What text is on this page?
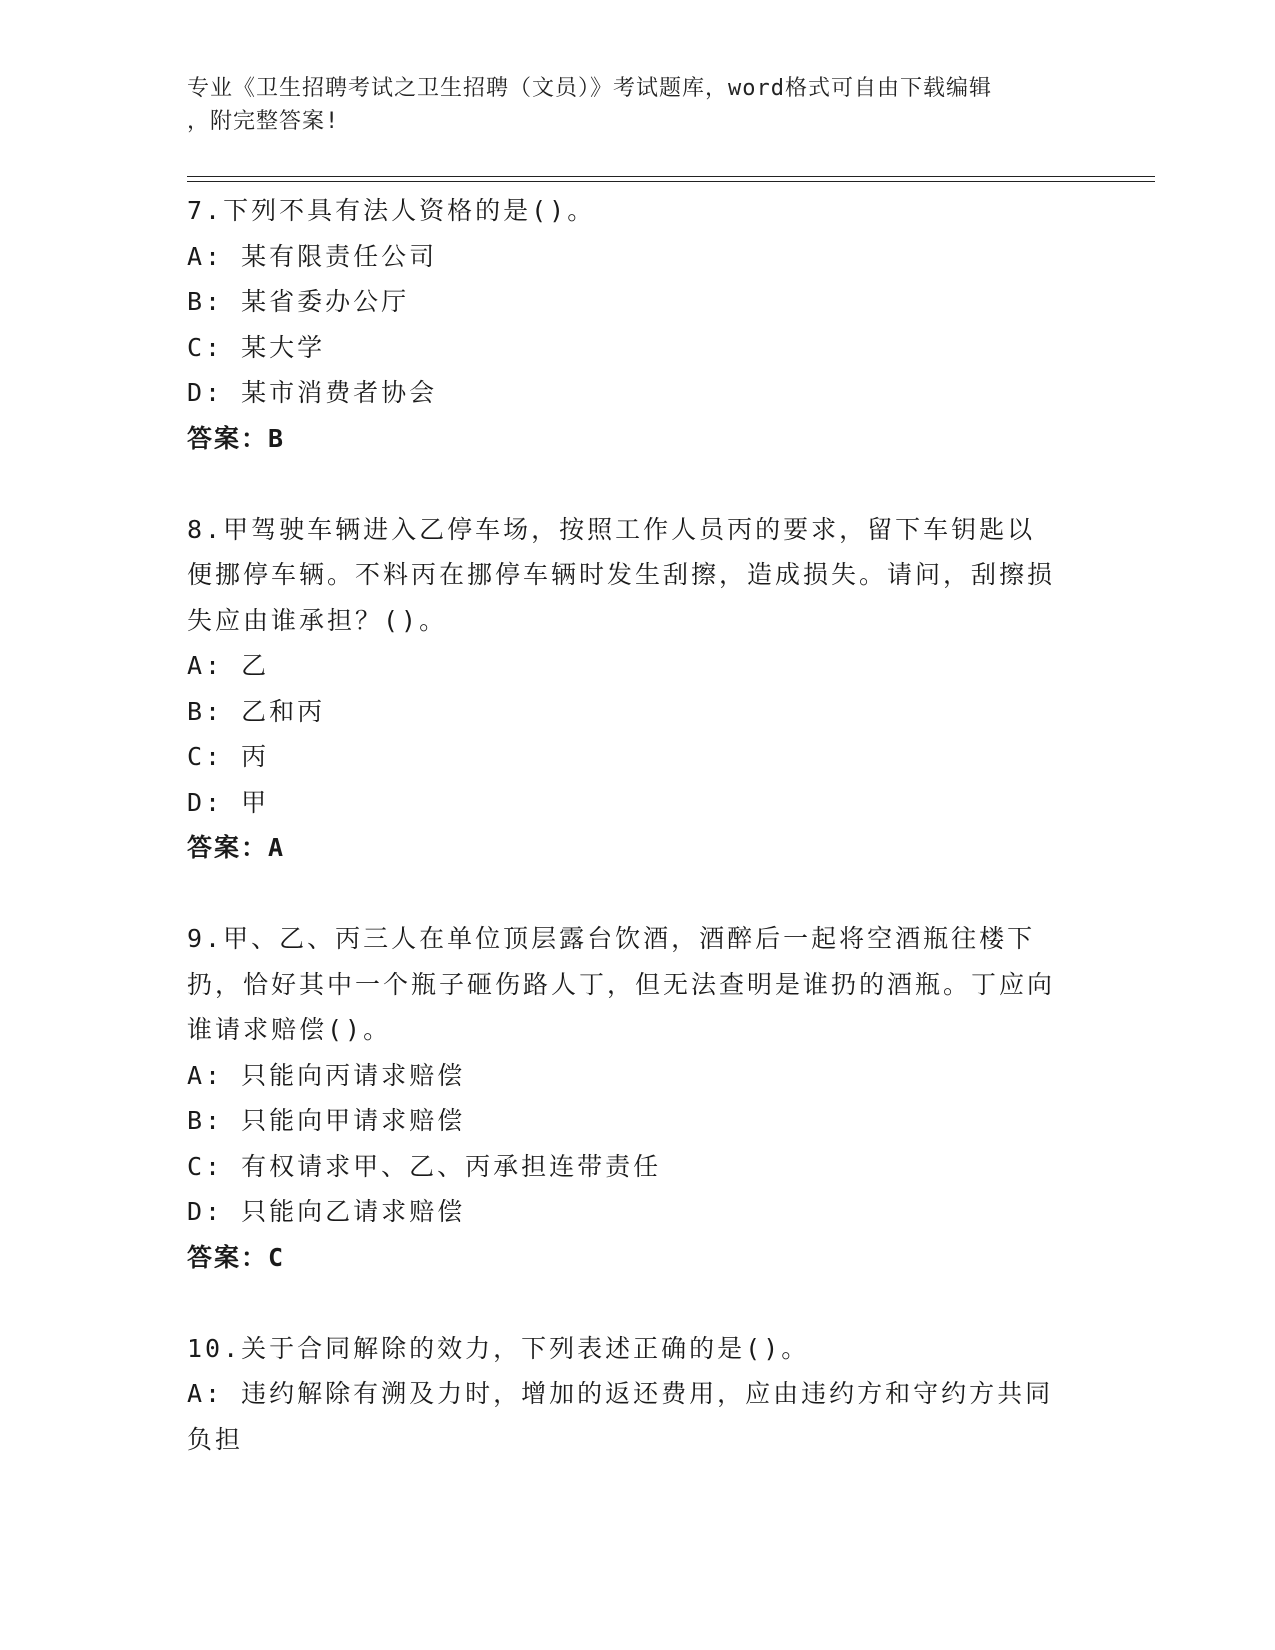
专业《卫生招聘考试之卫生招聘（文员）》考试题库，word格式可自由下载编辑
，附完整答案!
7.下列不具有法人资格的是()。
A: 某有限责任公司
B: 某省委办公厅
C: 某大学
D: 某市消费者协会
答案：B
8.甲驾驶车辆进入乙停车场，按照工作人员丙的要求，留下车钥匙以便挪停车辆。不料丙在挪停车辆时发生刮擦，造成损失。请问，刮擦损失应由谁承担？()。
A: 乙
B: 乙和丙
C: 丙
D: 甲
答案：A
9.甲、乙、丙三人在单位顶层露台饮酒，酒醉后一起将空酒瓶往楼下扔，恰好其中一个瓶子砸伤路人丁，但无法查明是谁扔的酒瓶。丁应向谁请求赔偿()。
A: 只能向丙请求赔偿
B: 只能向甲请求赔偿
C: 有权请求甲、乙、丙承担连带责任
D: 只能向乙请求赔偿
答案：C
10.关于合同解除的效力，下列表述正确的是()。
A: 违约解除有溯及力时，增加的返还费用，应由违约方和守约方共同负担
